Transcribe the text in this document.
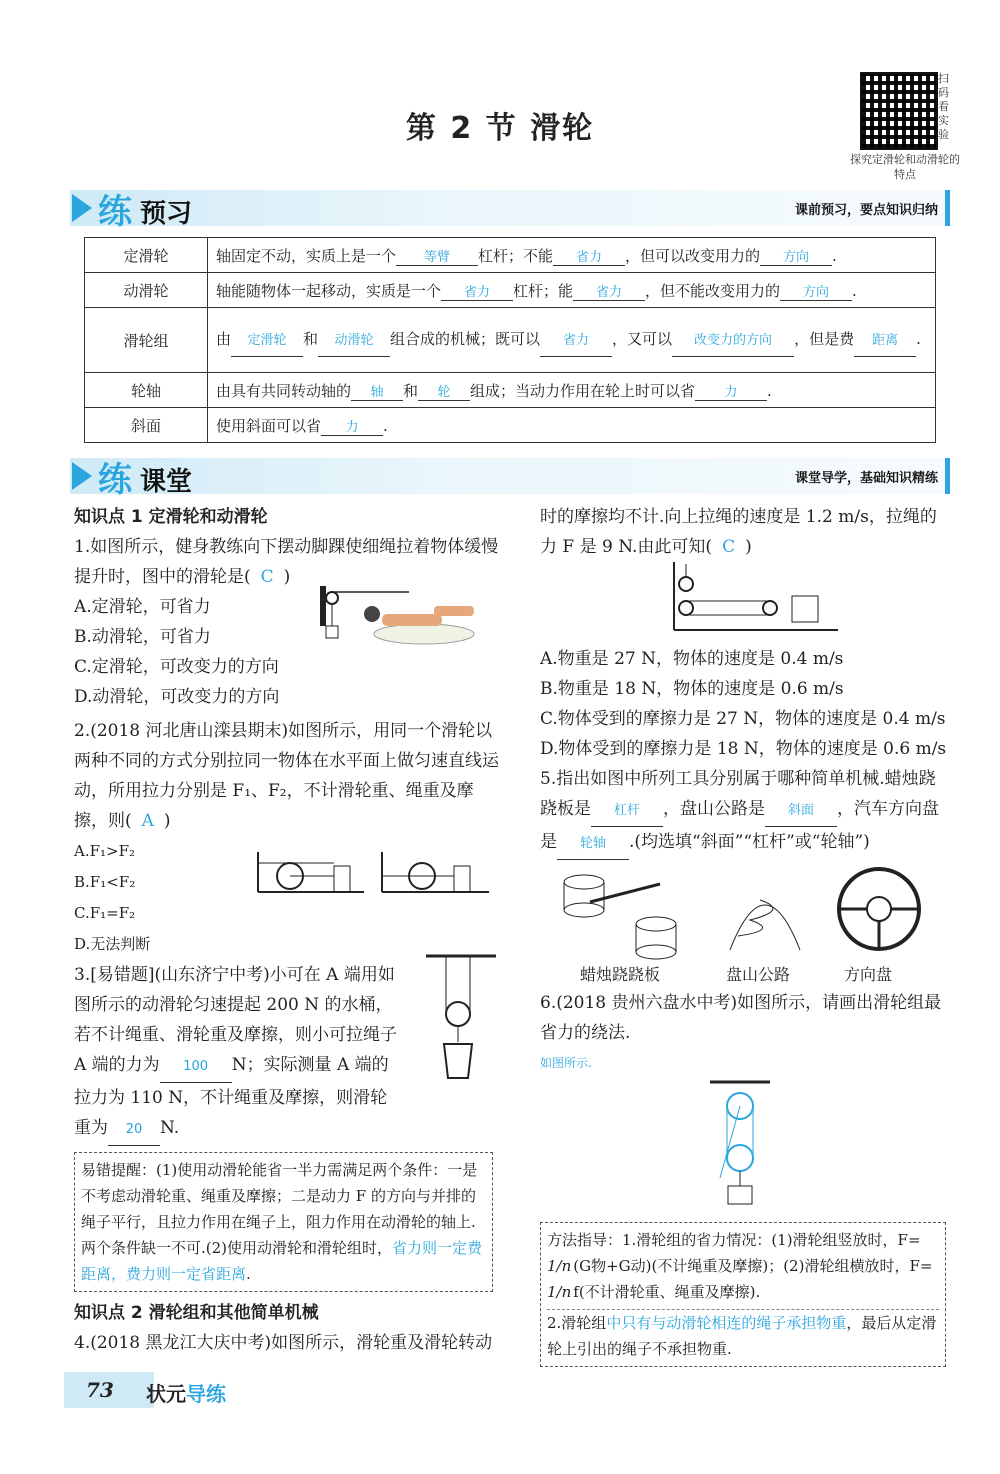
第 2 节 滑轮
扫码看实验
探究定滑轮和动滑轮的特点
练 预习	课前预习，要点知识归纳
定滑轮	轴固定不动，实质上是一个 等臂 杠杆；不能 省力 ，但可以改变用力的 方向 .
动滑轮	轴能随物体一起移动，实质是一个 省力 杠杆；能 省力 ，但不能改变用力的 方向 .
滑轮组	由 定滑轮 和 动滑轮 组合成的机械；既可以 省力 ，又可以 改变力的方向 ，但是费 距离 .
轮轴	由具有共同转动轴的 轴 和 轮 组成；当动力作用在轮上时可以省 力 .
斜面	使用斜面可以省 力 .
练 课堂	课堂导学，基础知识精练
知识点 1 定滑轮和动滑轮

1.如图所示，健身教练向下摆动脚踝使细绳拉着物体缓慢提升时，图中的滑轮是( C )

A.定滑轮，可省力
B.动滑轮，可省力
C.定滑轮，可改变力的方向
D.动滑轮，可改变力的方向

2.(2018 河北唐山滦县期末)如图所示，用同一个滑轮以两种不同的方式分别拉同一物体在水平面上做匀速直线运动，所用拉力分别是 F₁、F₂，不计滑轮重、绳重及摩擦，则( A )

A.F₁>F₂
B.F₁<F₂
C.F₁=F₂
D.无法判断

3.[易错题](山东济宁中考)小可在 A 端用如图所示的动滑轮匀速提起 200 N 的水桶，若不计绳重、滑轮重及摩擦，则小可拉绳子 A 端的力为 100 N；实际测量 A 端的拉力为 110 N，不计绳重及摩擦，则滑轮重为 20 N.

易错提醒：(1)使用动滑轮能省一半力需满足两个条件：一是不考虑动滑轮重、绳重及摩擦；二是动力 F 的方向与并排的绳子平行，且拉力作用在绳子上，阻力作用在动滑轮的轴上.两个条件缺一不可.(2)使用动滑轮和滑轮组时，省力则一定费距离，费力则一定省距离.
知识点 2 滑轮组和其他简单机械

4.(2018 黑龙江大庆中考)如图所示，滑轮重及滑轮转动

时的摩擦均不计.向上拉绳的速度是 1.2 m/s，拉绳的力 F 是 9 N.由此可知( C )

A.物重是 27 N，物体的速度是 0.4 m/s
B.物重是 18 N，物体的速度是 0.6 m/s
C.物体受到的摩擦力是 27 N，物体的速度是 0.4 m/s
D.物体受到的摩擦力是 18 N，物体的速度是 0.6 m/s

5.指出如图中所列工具分别属于哪种简单机械.蜡烛跷跷板是 杠杆 ，盘山公路是 斜面 ，汽车方向盘是 轮轴 .(均选填“斜面”“杠杆”或“轮轴”)

蜡烛跷跷板	盘山公路	方向盘

6.(2018 贵州六盘水中考)如图所示，请画出滑轮组最省力的绕法.

如图所示.
方法指导：1.滑轮组的省力情况：(1)滑轮组竖放时，F=
1/n (G物+G动)(不计绳重及摩擦)；(2)滑轮组横放时，F=
1/n f(不计滑轮重、绳重及摩擦).
2.滑轮组中只有与动滑轮相连的绳子承担物重，最后从定滑轮上引出的绳子不承担物重.
73 状元导练
